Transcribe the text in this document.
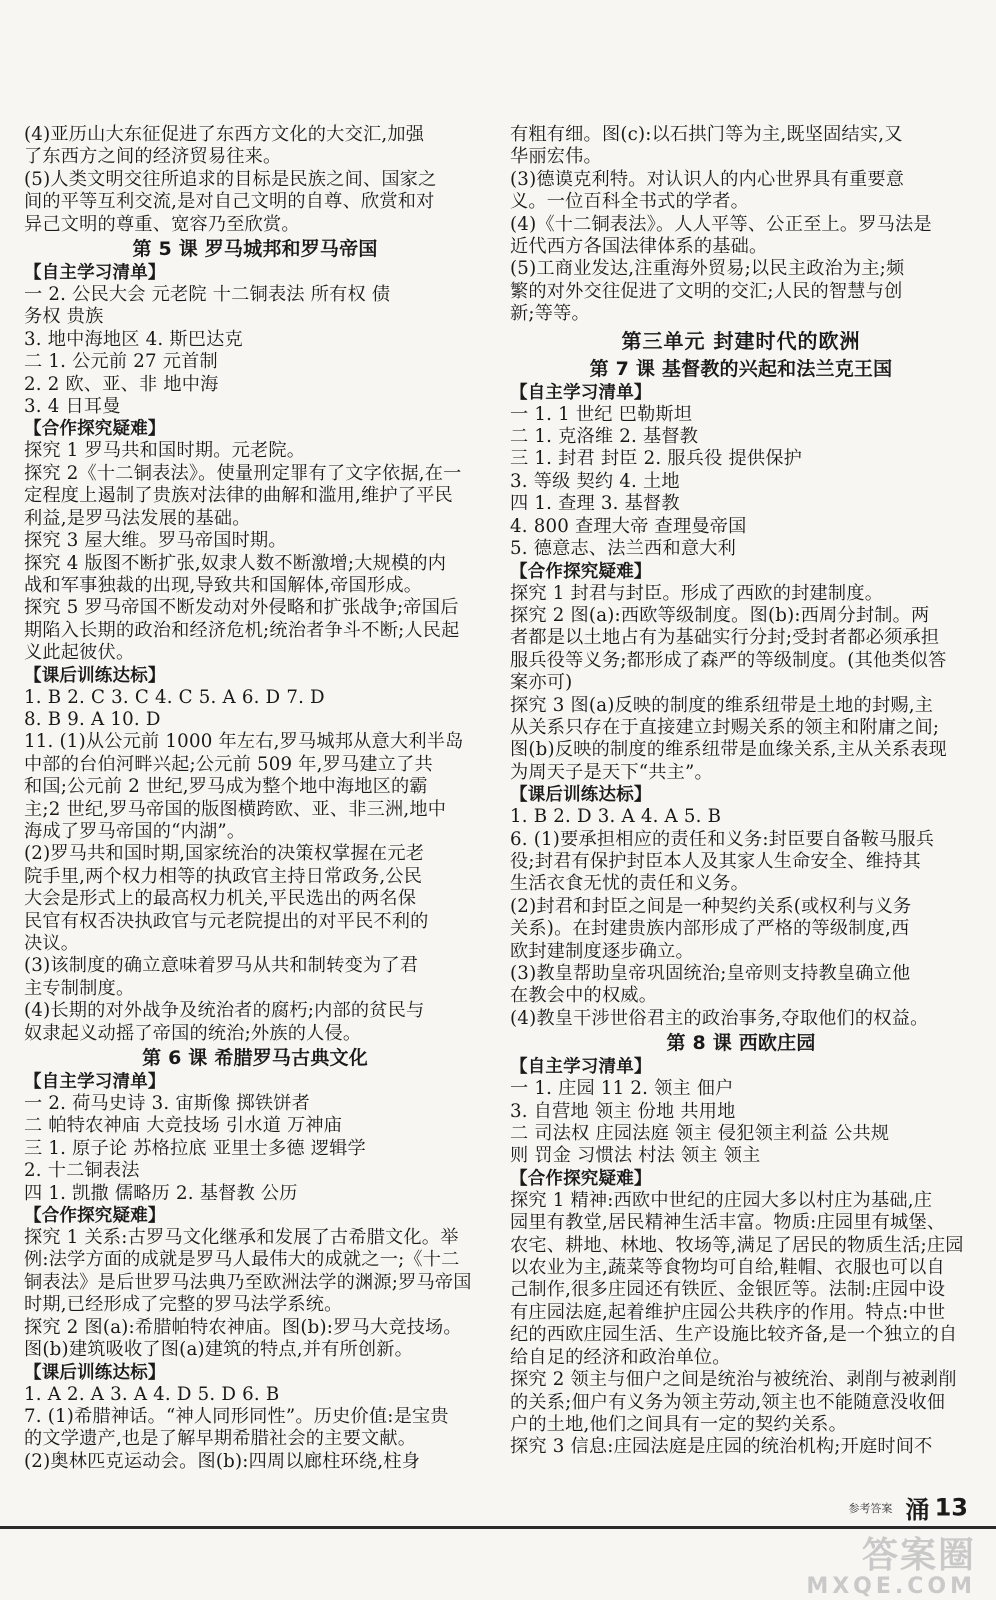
(4)亚历山大东征促进了东西方文化的大交汇,加强
了东西方之间的经济贸易往来。
(5)人类文明交往所追求的目标是民族之间、国家之
间的平等互利交流,是对自己文明的自尊、欣赏和对
异己文明的尊重、宽容乃至欣赏。
第 5 课 罗马城邦和罗马帝国
【自主学习清单】
一 2. 公民大会 元老院 十二铜表法 所有权 债
务权 贵族
3. 地中海地区 4. 斯巴达克
二 1. 公元前 27 元首制
2. 2 欧、亚、非 地中海
3. 4 日耳曼
【合作探究疑难】
探究 1 罗马共和国时期。元老院。
探究 2《十二铜表法》。使量刑定罪有了文字依据,在一
定程度上遏制了贵族对法律的曲解和滥用,维护了平民
利益,是罗马法发展的基础。
探究 3 屋大维。罗马帝国时期。
探究 4 版图不断扩张,奴隶人数不断激增;大规模的内
战和军事独裁的出现,导致共和国解体,帝国形成。
探究 5 罗马帝国不断发动对外侵略和扩张战争;帝国后
期陷入长期的政治和经济危机;统治者争斗不断;人民起
义此起彼伏。
【课后训练达标】
1. B 2. C 3. C 4. C 5. A 6. D 7. D
8. B 9. A 10. D
11. (1)从公元前 1000 年左右,罗马城邦从意大利半岛
中部的台伯河畔兴起;公元前 509 年,罗马建立了共
和国;公元前 2 世纪,罗马成为整个地中海地区的霸
主;2 世纪,罗马帝国的版图横跨欧、亚、非三洲,地中
海成了罗马帝国的“内湖”。
(2)罗马共和国时期,国家统治的决策权掌握在元老
院手里,两个权力相等的执政官主持日常政务,公民
大会是形式上的最高权力机关,平民选出的两名保
民官有权否决执政官与元老院提出的对平民不利的
决议。
(3)该制度的确立意味着罗马从共和制转变为了君
主专制制度。
(4)长期的对外战争及统治者的腐朽;内部的贫民与
奴隶起义动摇了帝国的统治;外族的人侵。
第 6 课 希腊罗马古典文化
【自主学习清单】
一 2. 荷马史诗 3. 宙斯像 掷铁饼者
二 帕特农神庙 大竞技场 引水道 万神庙
三 1. 原子论 苏格拉底 亚里士多德 逻辑学
2. 十二铜表法
四 1. 凯撒 儒略历 2. 基督教 公历
【合作探究疑难】
探究 1 关系:古罗马文化继承和发展了古希腊文化。举
例:法学方面的成就是罗马人最伟大的成就之一;《十二
铜表法》是后世罗马法典乃至欧洲法学的渊源;罗马帝国
时期,已经形成了完整的罗马法学系统。
探究 2 图(a):希腊帕特农神庙。图(b):罗马大竞技场。
图(b)建筑吸收了图(a)建筑的特点,并有所创新。
【课后训练达标】
1. A 2. A 3. A 4. D 5. D 6. B
7. (1)希腊神话。“神人同形同性”。历史价值:是宝贵
的文学遗产,也是了解早期希腊社会的主要文献。
(2)奥林匹克运动会。图(b):四周以廊柱环绕,柱身
有粗有细。图(c):以石拱门等为主,既坚固结实,又
华丽宏伟。
(3)德谟克利特。对认识人的内心世界具有重要意
义。一位百科全书式的学者。
(4)《十二铜表法》。人人平等、公正至上。罗马法是
近代西方各国法律体系的基础。
(5)工商业发达,注重海外贸易;以民主政治为主;频
繁的对外交往促进了文明的交汇;人民的智慧与创
新;等等。
第三单元 封建时代的欧洲
第 7 课 基督教的兴起和法兰克王国
【自主学习清单】
一 1. 1 世纪 巴勒斯坦
二 1. 克洛维 2. 基督教
三 1. 封君 封臣 2. 服兵役 提供保护
3. 等级 契约 4. 土地
四 1. 查理 3. 基督教
4. 800 查理大帝 查理曼帝国
5. 德意志、法兰西和意大利
【合作探究疑难】
探究 1 封君与封臣。形成了西欧的封建制度。
探究 2 图(a):西欧等级制度。图(b):西周分封制。两
者都是以土地占有为基础实行分封;受封者都必须承担
服兵役等义务;都形成了森严的等级制度。(其他类似答
案亦可)
探究 3 图(a)反映的制度的维系纽带是土地的封赐,主
从关系只存在于直接建立封赐关系的领主和附庸之间;
图(b)反映的制度的维系纽带是血缘关系,主从关系表现
为周天子是天下“共主”。
【课后训练达标】
1. B 2. D 3. A 4. A 5. B
6. (1)要承担相应的责任和义务:封臣要自备鞍马服兵
役;封君有保护封臣本人及其家人生命安全、维持其
生活衣食无忧的责任和义务。
(2)封君和封臣之间是一种契约关系(或权利与义务
关系)。在封建贵族内部形成了严格的等级制度,西
欧封建制度逐步确立。
(3)教皇帮助皇帝巩固统治;皇帝则支持教皇确立他
在教会中的权威。
(4)教皇干涉世俗君主的政治事务,夺取他们的权益。
第 8 课 西欧庄园
【自主学习清单】
一 1. 庄园 11 2. 领主 佃户
3. 自营地 领主 份地 共用地
二 司法权 庄园法庭 领主 侵犯领主利益 公共规
则 罚金 习惯法 村法 领主 领主
【合作探究疑难】
探究 1 精神:西欧中世纪的庄园大多以村庄为基础,庄
园里有教堂,居民精神生活丰富。物质:庄园里有城堡、
农宅、耕地、林地、牧场等,满足了居民的物质生活;庄园
以农业为主,蔬菜等食物均可自给,鞋帽、衣服也可以自
己制作,很多庄园还有铁匠、金银匠等。法制:庄园中设
有庄园法庭,起着维护庄园公共秩序的作用。特点:中世
纪的西欧庄园生活、生产设施比较齐备,是一个独立的自
给自足的经济和政治单位。
探究 2 领主与佃户之间是统治与被统治、剥削与被剥削
的关系;佃户有义务为领主劳动,领主也不能随意没收佃
户的土地,他们之间具有一定的契约关系。
探究 3 信息:庄园法庭是庄园的统治机构;开庭时间不
参考答案 涌 13
答案圈
MXQE.COM
